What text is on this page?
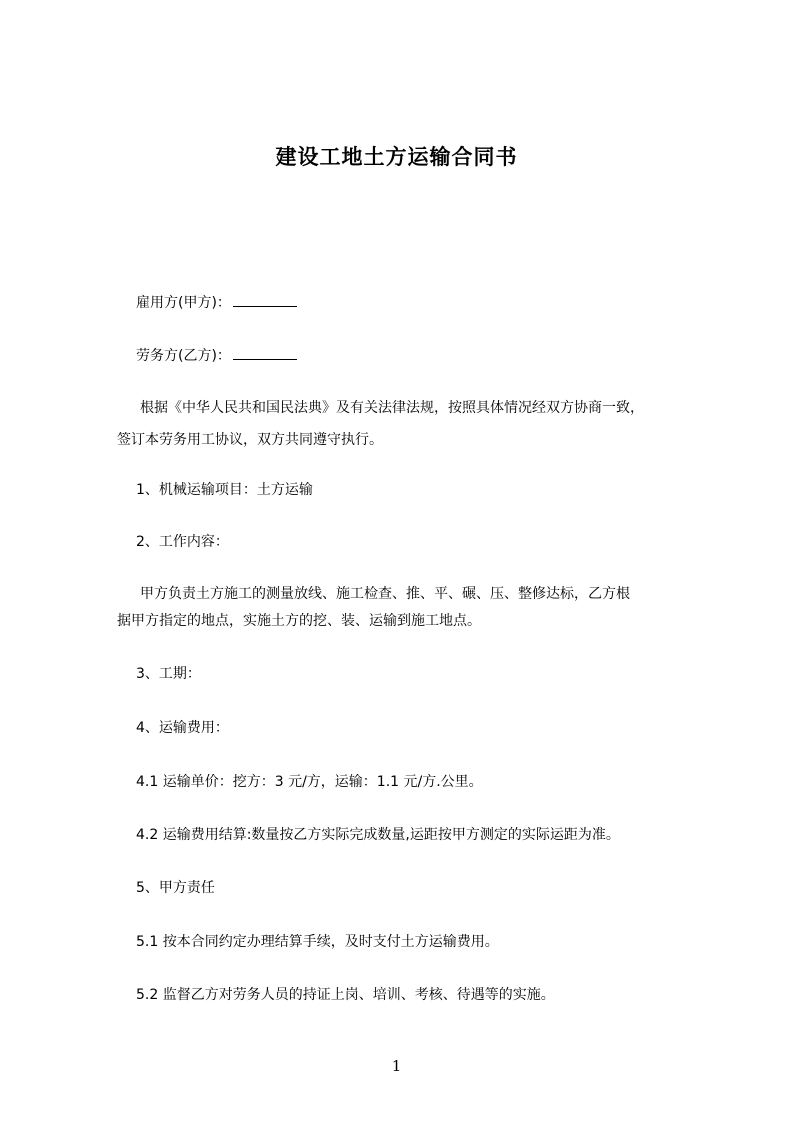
建设工地土方运输合同书
雇用方(甲方)：
劳务方(乙方)：
根据《中华人民共和国民法典》及有关法律法规，按照具体情况经双方协商一致，
签订本劳务用工协议，双方共同遵守执行。
1、机械运输项目：土方运输
2、工作内容：
甲方负责土方施工的测量放线、施工检查、推、平、碾、压、整修达标，乙方根
据甲方指定的地点，实施土方的挖、装、运输到施工地点。
3、工期：
4、运输费用：
4.1 运输单价：挖方：3 元/方，运输：1.1 元/方.公里。
4.2 运输费用结算:数量按乙方实际完成数量,运距按甲方测定的实际运距为准。
5、甲方责任
5.1 按本合同约定办理结算手续，及时支付土方运输费用。
5.2 监督乙方对劳务人员的持证上岗、培训、考核、待遇等的实施。
1
